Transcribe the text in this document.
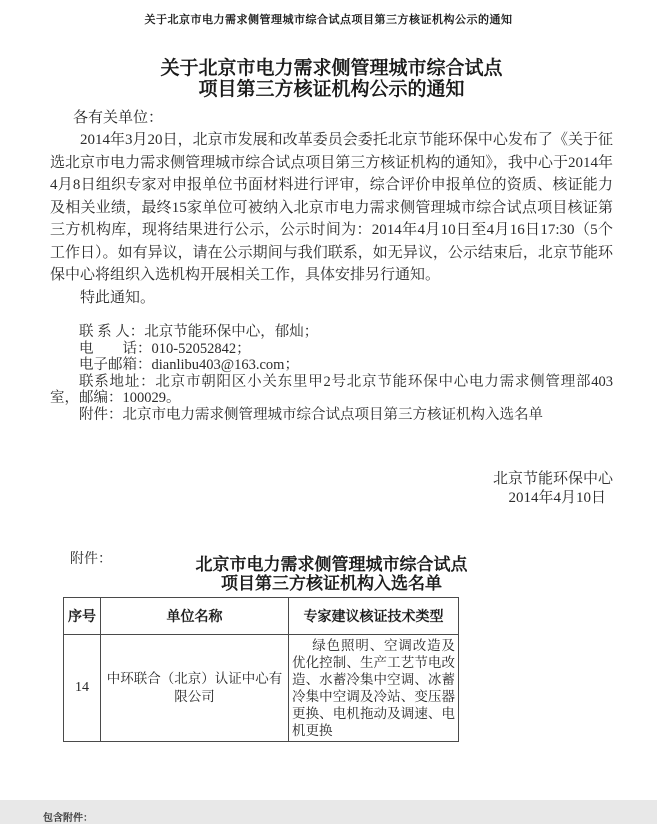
关于北京市电力需求侧管理城市综合试点项目第三方核证机构公示的通知
关于北京市电力需求侧管理城市综合试点
项目第三方核证机构公示的通知
各有关单位：
2014年3月20日，北京市发展和改革委员会委托北京节能环保中心发布了《关于征选北京市电力需求侧管理城市综合试点项目第三方核证机构的通知》，我中心于2014年4月8日组织专家对申报单位书面材料进行评审，综合评价申报单位的资质、核证能力及相关业绩，最终15家单位可被纳入北京市电力需求侧管理城市综合试点项目核证第三方机构库，现将结果进行公示，公示时间为：2014年4月10日至4月16日17:30（5个工作日）。如有异议，请在公示期间与我们联系，如无异议，公示结束后，北京节能环保中心将组织入选机构开展相关工作，具体安排另行通知。
特此通知。
联 系 人：北京节能环保中心，郁灿；
电　　话：010-52052842；
电子邮箱：dianlibu403@163.com；
联系地址：北京市朝阳区小关东里甲2号北京节能环保中心电力需求侧管理部403室，邮编：100029。
附件：北京市电力需求侧管理城市综合试点项目第三方核证机构入选名单
北京节能环保中心
2014年4月10日
附件：	北京市电力需求侧管理城市综合试点
项目第三方核证机构入选名单
序号	单位名称	专家建议核证技术类型
14	中环联合（北京）认证中心有限公司	绿色照明、空调改造及优化控制、生产工艺节电改造、水蓄冷集中空调、冰蓄冷集中空调及冷站、变压器更换、电机拖动及调速、电机更换
包含附件：
